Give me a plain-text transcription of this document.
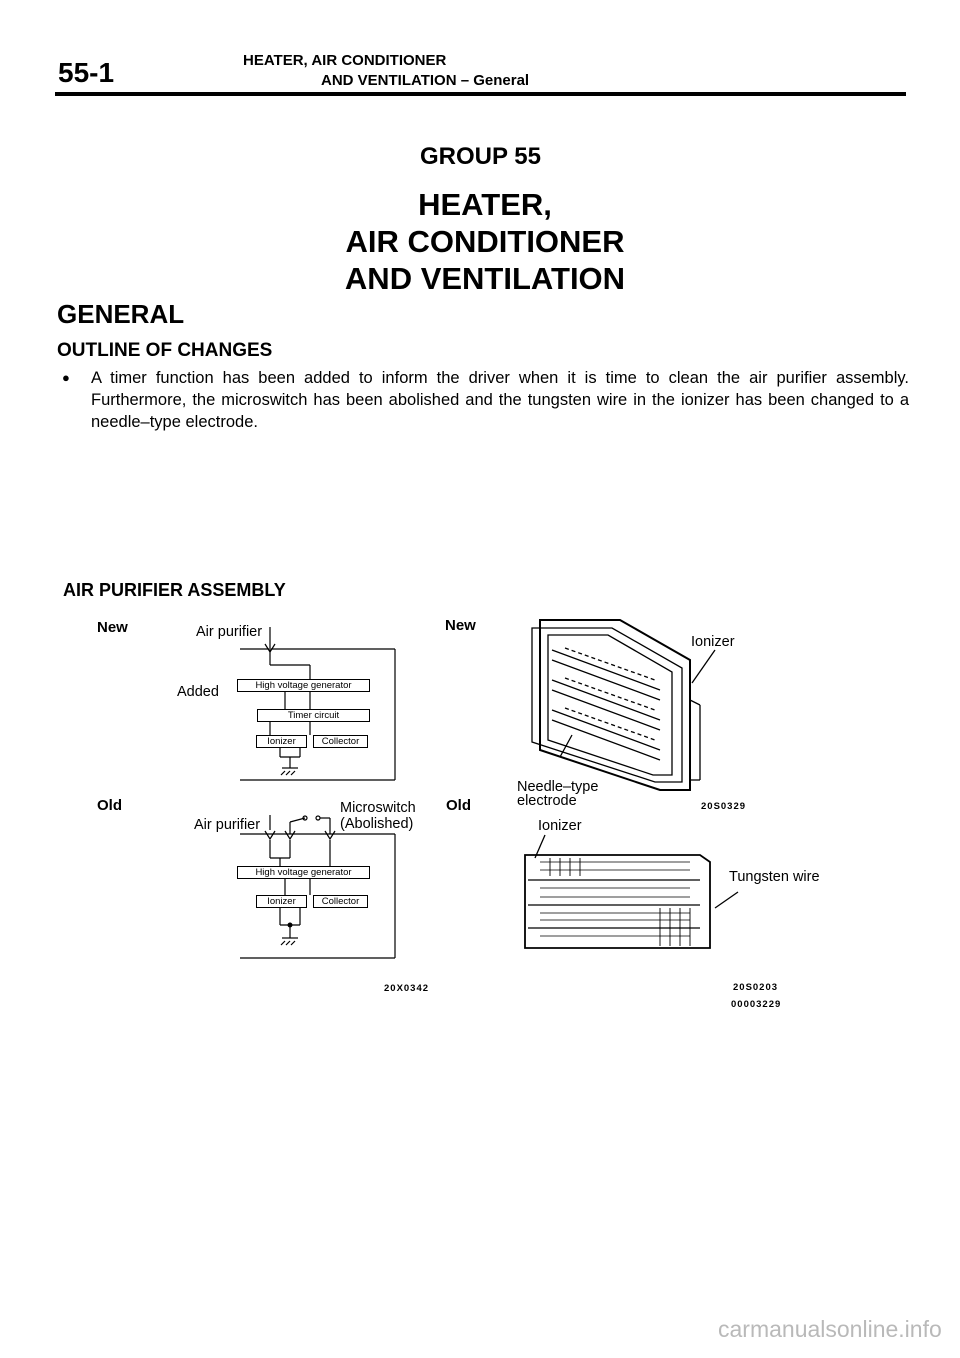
55-1	HEATER, AIR CONDITIONER
AND VENTILATION – General
GROUP 55
HEATER,
AIR CONDITIONER
AND VENTILATION
GENERAL
OUTLINE OF CHANGES
● A timer function has been added to inform the driver when it is time to clean the air purifier assembly. Furthermore, the microswitch has been abolished and the tungsten wire in the ionizer has been changed to a needle–type electrode.
AIR PURIFIER ASSEMBLY
New	Air purifier
Added	High voltage generator
Timer circuit
Ionizer	Collector
Old
Air purifier
Microswitch
(Abolished)
High voltage generator
Ionizer	Collector
20X0342
New
Old
Ionizer
Needle–type
electrode	20S0329
Ionizer
Tungsten wire
20S0203
00003229
carmanualsonline.info
